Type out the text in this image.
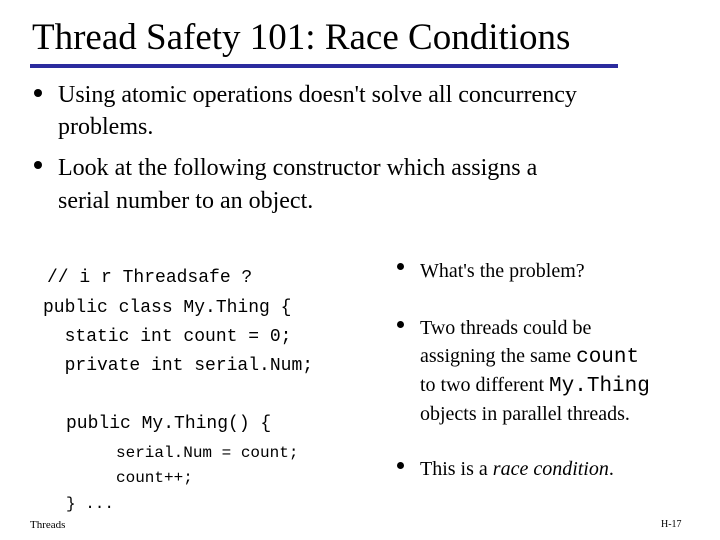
Thread Safety 101: Race Conditions
Using atomic operations doesn't solve all concurrency
problems.
Look at the following constructor which assigns a
serial number to an object.
// i r Threadsafe ?
public class My.Thing {
static int count = 0;
private int serial.Num;
public My.Thing() {
serial.Num = count;
count++;
} ...
What's the problem?
Two threads could be
assigning the same count
to two different My.Thing
objects in parallel threads.
This is a race condition.
Threads	H-17
